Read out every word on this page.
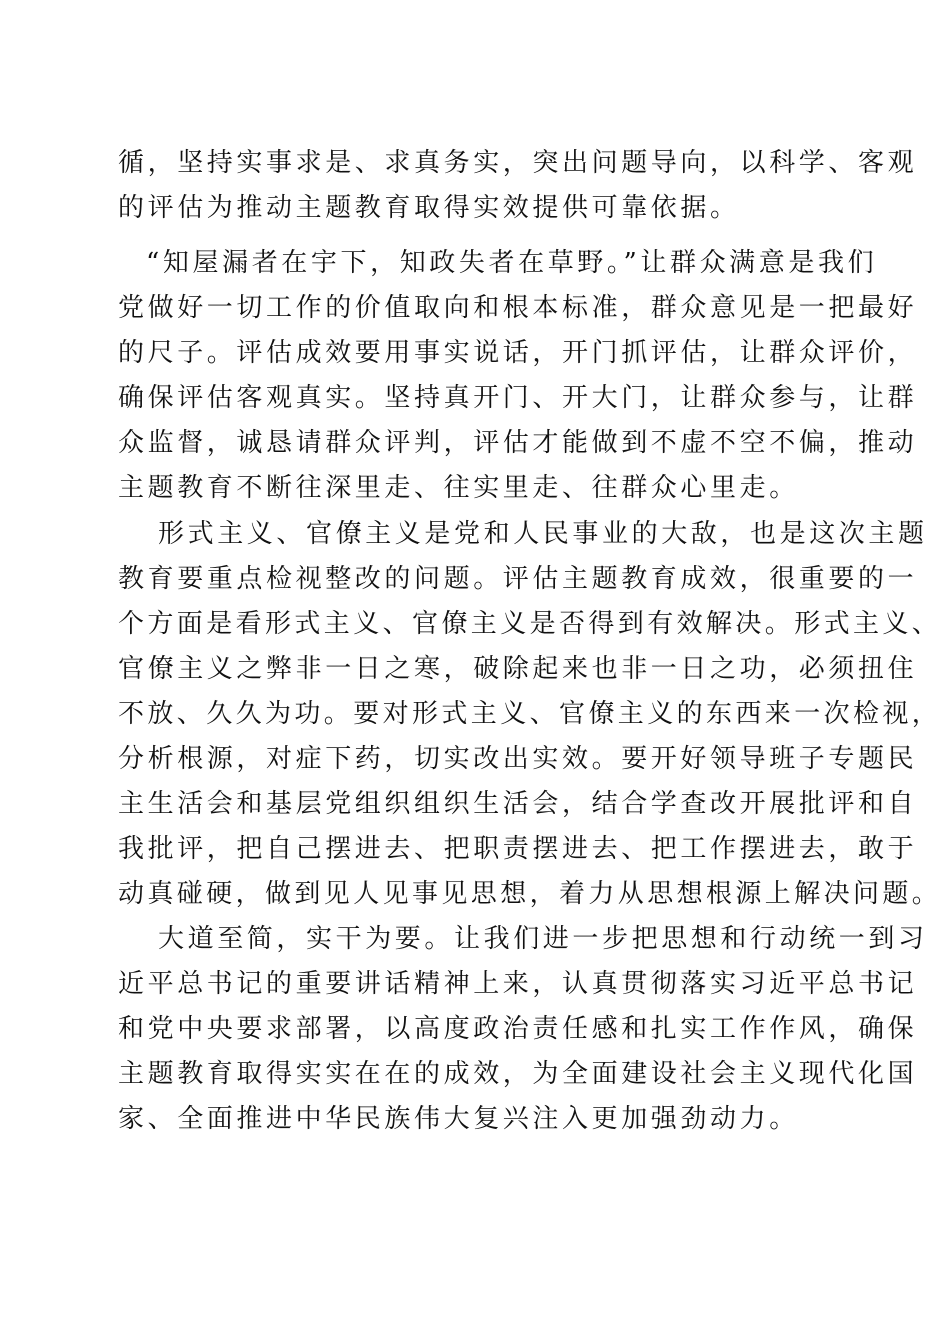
循，坚持实事求是、求真务实，突出问题导向，以科学、客观
的评估为推动主题教育取得实效提供可靠依据。
“知屋漏者在宇下，知政失者在草野。”让群众满意是我们
党做好一切工作的价值取向和根本标准，群众意见是一把最好
的尺子。评估成效要用事实说话，开门抓评估，让群众评价，
确保评估客观真实。坚持真开门、开大门，让群众参与，让群
众监督，诚恳请群众评判，评估才能做到不虚不空不偏，推动
主题教育不断往深里走、往实里走、往群众心里走。
形式主义、官僚主义是党和人民事业的大敌，也是这次主题
教育要重点检视整改的问题。评估主题教育成效，很重要的一
个方面是看形式主义、官僚主义是否得到有效解决。形式主义、
官僚主义之弊非一日之寒，破除起来也非一日之功，必须扭住
不放、久久为功。要对形式主义、官僚主义的东西来一次检视，
分析根源，对症下药，切实改出实效。要开好领导班子专题民
主生活会和基层党组织组织生活会，结合学查改开展批评和自
我批评，把自己摆进去、把职责摆进去、把工作摆进去，敢于
动真碰硬，做到见人见事见思想，着力从思想根源上解决问题。
大道至简，实干为要。让我们进一步把思想和行动统一到习
近平总书记的重要讲话精神上来，认真贯彻落实习近平总书记
和党中央要求部署，以高度政治责任感和扎实工作作风，确保
主题教育取得实实在在的成效，为全面建设社会主义现代化国
家、全面推进中华民族伟大复兴注入更加强劲动力。
